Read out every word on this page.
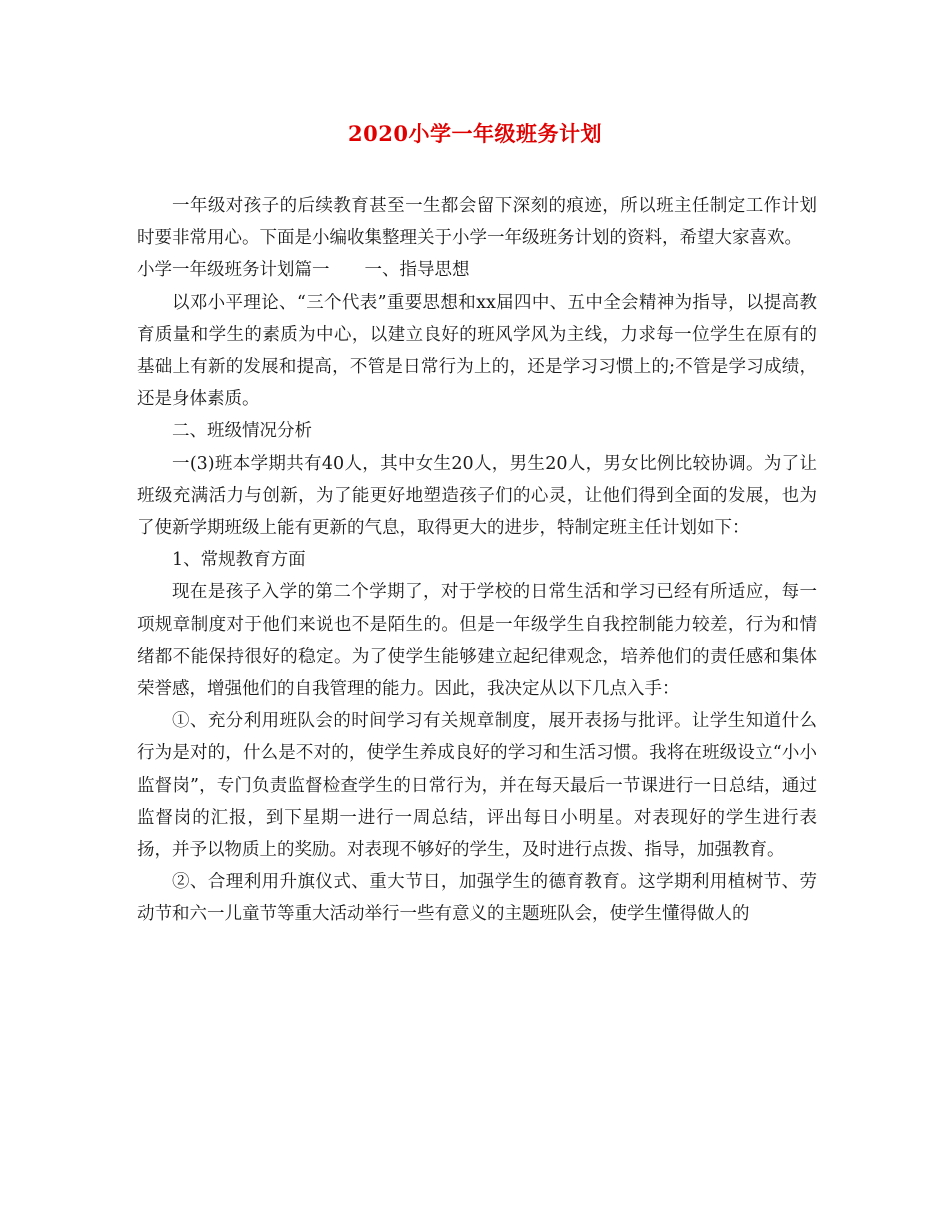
2020小学一年级班务计划

一年级对孩子的后续教育甚至一生都会留下深刻的痕迹，所以班主任制定工作计划时要非常用心。下面是小编收集整理关于小学一年级班务计划的资料，希望大家喜欢。

小学一年级班务计划篇一　　一、指导思想

以邓小平理论、“三个代表”重要思想和xx届四中、五中全会精神为指导，以提高教育质量和学生的素质为中心，以建立良好的班风学风为主线，力求每一位学生在原有的基础上有新的发展和提高，不管是日常行为上的，还是学习习惯上的;不管是学习成绩，还是身体素质。

二、班级情况分析

一(3)班本学期共有40人，其中女生20人，男生20人，男女比例比较协调。为了让班级充满活力与创新，为了能更好地塑造孩子们的心灵，让他们得到全面的发展，也为了使新学期班级上能有更新的气息，取得更大的进步，特制定班主任计划如下：

1、常规教育方面

现在是孩子入学的第二个学期了，对于学校的日常生活和学习已经有所适应，每一项规章制度对于他们来说也不是陌生的。但是一年级学生自我控制能力较差，行为和情绪都不能保持很好的稳定。为了使学生能够建立起纪律观念，培养他们的责任感和集体荣誉感，增强他们的自我管理的能力。因此，我决定从以下几点入手：

①、充分利用班队会的时间学习有关规章制度，展开表扬与批评。让学生知道什么行为是对的，什么是不对的，使学生养成良好的学习和生活习惯。我将在班级设立“小小监督岗”，专门负责监督检查学生的日常行为，并在每天最后一节课进行一日总结，通过监督岗的汇报，到下星期一进行一周总结，评出每日小明星。对表现好的学生进行表扬，并予以物质上的奖励。对表现不够好的学生，及时进行点拨、指导，加强教育。

②、合理利用升旗仪式、重大节日，加强学生的德育教育。这学期利用植树节、劳动节和六一儿童节等重大活动举行一些有意义的主题班队会，使学生懂得做人的
